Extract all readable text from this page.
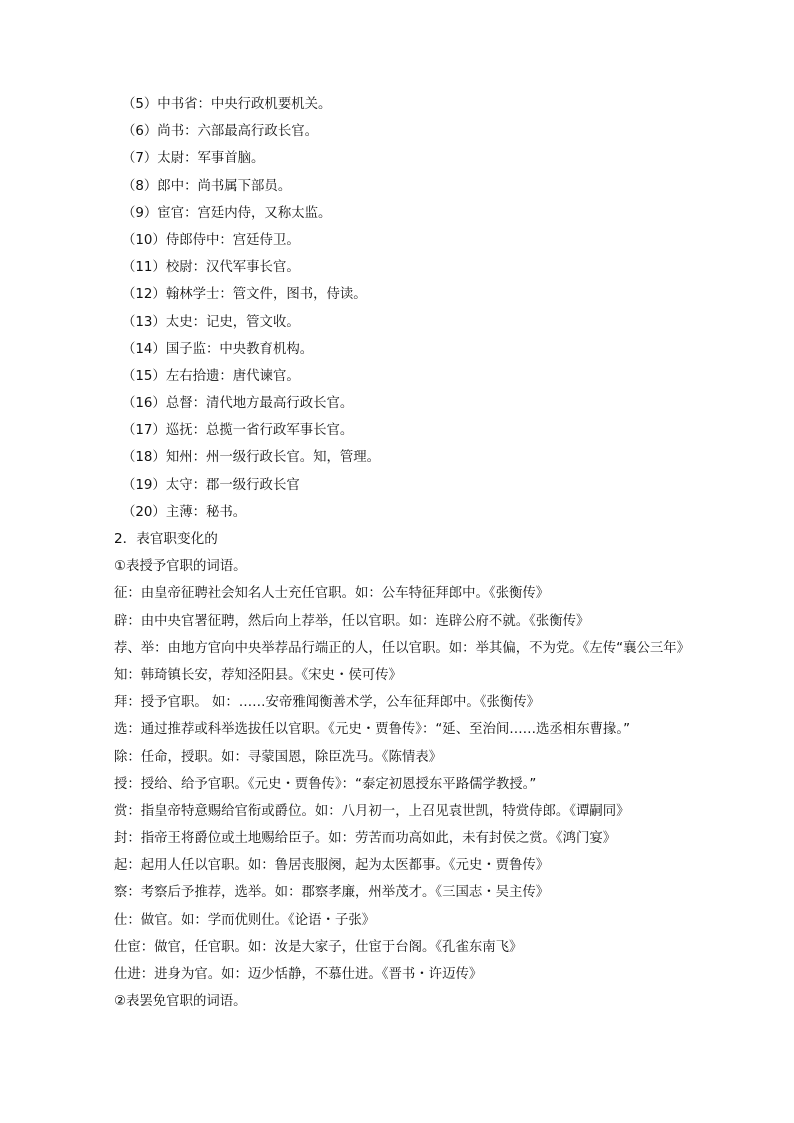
（5）中书省：中央行政机要机关。
（6）尚书：六部最高行政长官。
（7）太尉：军事首脑。
（8）郎中：尚书属下部员。
（9）宦官：宫廷内侍，又称太监。
（10）侍郎侍中：宫廷侍卫。
（11）校尉：汉代军事长官。
（12）翰林学士：管文件，图书，侍读。
（13）太史：记史，管文收。
（14）国子监：中央教育机构。
（15）左右拾遗：唐代谏官。
（16）总督：清代地方最高行政长官。
（17）巡抚：总揽一省行政军事长官。
（18）知州：州一级行政长官。知，管理。
（19）太守：郡一级行政长官
（20）主薄：秘书。
2．表官职变化的
①表授予官职的词语。
征：由皇帝征聘社会知名人士充任官职。如：公车特征拜郎中。《张衡传》
辟：由中央官署征聘，然后向上荐举，任以官职。如：连辟公府不就。《张衡传》
荐、举：由地方官向中央举荐品行端正的人，任以官职。如：举其偏，不为党。《左传“襄公三年》
知：韩琦镇长安，荐知泾阳县。《宋史・侯可传》
拜：授予官职。 如：……安帝雅闻衡善术学，公车征拜郎中。《张衡传》
选：通过推荐或科举选拔任以官职。《元史・贾鲁传》：“延、至治间……选丞相东曹掾。”
除：任命，授职。如：寻蒙国恩，除臣冼马。《陈情表》
授：授给、给予官职。《元史・贾鲁传》：“泰定初恩授东平路儒学教授。”
赏：指皇帝特意赐给官衔或爵位。如：八月初一，上召见袁世凯，特赏侍郎。《谭嗣同》
封：指帝王将爵位或土地赐给臣子。如：劳苦而功高如此，未有封侯之赏。《鸿门宴》
起：起用人任以官职。如：鲁居丧服阕，起为太医都事。《元史・贾鲁传》
察：考察后予推荐，选举。如：郡察孝廉，州举茂才。《三国志・吴主传》
仕：做官。如：学而优则仕。《论语・子张》
仕宦：做官，任官职。如：汝是大家子，仕宦于台阁。《孔雀东南飞》
仕进：进身为官。如：迈少恬静，不慕仕进。《晋书・许迈传》
②表罢免官职的词语。
